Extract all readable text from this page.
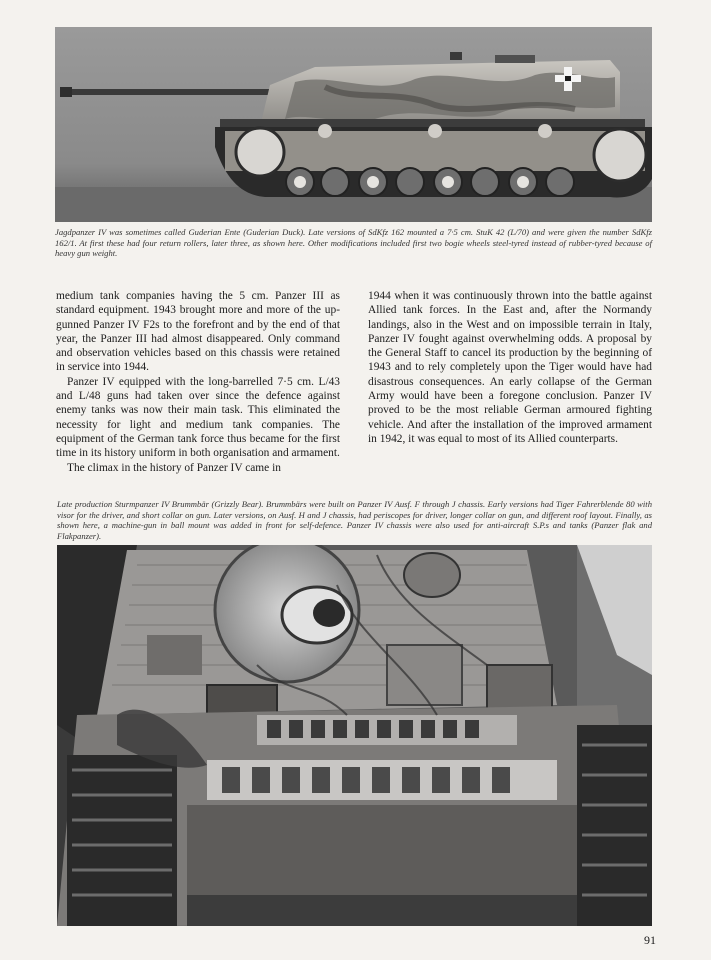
Jagdpanzer IV was sometimes called Guderian Ente (Guderian Duck). Late versions of SdKfz 162 mounted a 7·5 cm. StuK 42 (L/70) and were given the number SdKfz 162/1. At first these had four return rollers, later three, as shown here. Other modifications included first two bogie wheels steel-tyred instead of rubber-tyred because of heavy gun weight.

medium tank companies having the 5 cm. Panzer III as standard equipment. 1943 brought more and more of the up-gunned Panzer IV F2s to the forefront and by the end of that year, the Panzer III had almost disappeared. Only command and observation vehicles based on this chassis were retained in service into 1944.

Panzer IV equipped with the long-barrelled 7·5 cm. L/43 and L/48 guns had taken over since the defence against enemy tanks was now their main task. This eliminated the necessity for light and medium tank companies. The equipment of the German tank force thus became for the first time in its history uniform in both organisation and armament.

The climax in the history of Panzer IV came in

1944 when it was continuously thrown into the battle against Allied tank forces. In the East and, after the Normandy landings, also in the West and on impossible terrain in Italy, Panzer IV fought against overwhelming odds. A proposal by the General Staff to cancel its production by the beginning of 1943 and to rely completely upon the Tiger would have had disastrous consequences. An early collapse of the German Army would have been a foregone conclusion. Panzer IV proved to be the most reliable German armoured fighting vehicle. And after the installation of the improved armament in 1942, it was equal to most of its Allied counterparts.

Late production Sturmpanzer IV Brummbär (Grizzly Bear). Brummbärs were built on Panzer IV Ausf. F through J chassis. Early versions had Tiger Fahrerblende 80 with visor for the driver, and short collar on gun. Later versions, on Ausf. H and J chassis, had periscopes for driver, longer collar on gun, and different roof layout. Finally, as shown here, a machine-gun in ball mount was added in front for self-defence. Panzer IV chassis were also used for anti-aircraft S.P.s and tanks (Panzer flak and Flakpanzer).
91
